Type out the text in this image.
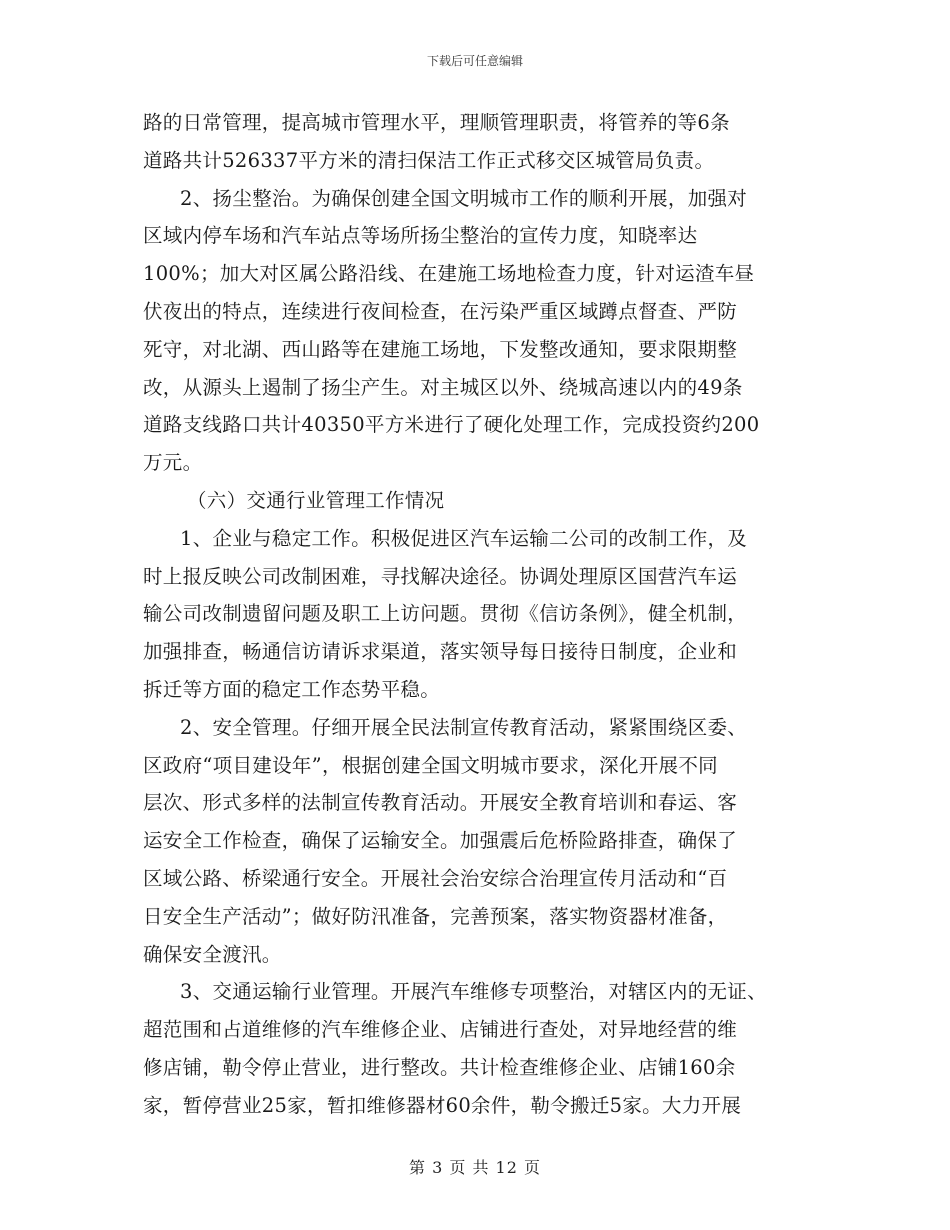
下载后可任意编辑
路的日常管理，提高城市管理水平，理顺管理职责，将管养的等6条
道路共计526337平方米的清扫保洁工作正式移交区城管局负责。
2、扬尘整治。为确保创建全国文明城市工作的顺利开展，加强对
区域内停车场和汽车站点等场所扬尘整治的宣传力度，知晓率达
100%；加大对区属公路沿线、在建施工场地检查力度，针对运渣车昼
伏夜出的特点，连续进行夜间检查，在污染严重区域蹲点督查、严防
死守，对北湖、西山路等在建施工场地，下发整改通知，要求限期整
改，从源头上遏制了扬尘产生。对主城区以外、绕城高速以内的49条
道路支线路口共计40350平方米进行了硬化处理工作，完成投资约200
万元。
（六）交通行业管理工作情况
1、企业与稳定工作。积极促进区汽车运输二公司的改制工作，及
时上报反映公司改制困难，寻找解决途径。协调处理原区国营汽车运
输公司改制遗留问题及职工上访问题。贯彻《信访条例》，健全机制，
加强排查，畅通信访请诉求渠道，落实领导每日接待日制度，企业和
拆迁等方面的稳定工作态势平稳。
2、安全管理。仔细开展全民法制宣传教育活动，紧紧围绕区委、
区政府“项目建设年”，根据创建全国文明城市要求，深化开展不同
层次、形式多样的法制宣传教育活动。开展安全教育培训和春运、客
运安全工作检查，确保了运输安全。加强震后危桥险路排查，确保了
区域公路、桥梁通行安全。开展社会治安综合治理宣传月活动和“百
日安全生产活动”；做好防汛准备，完善预案，落实物资器材准备，
确保安全渡汛。
3、交通运输行业管理。开展汽车维修专项整治，对辖区内的无证、
超范围和占道维修的汽车维修企业、店铺进行查处，对异地经营的维
修店铺，勒令停止营业，进行整改。共计检查维修企业、店铺160余
家，暂停营业25家，暂扣维修器材60余件，勒令搬迁5家。大力开展
第 3 页 共 12 页
